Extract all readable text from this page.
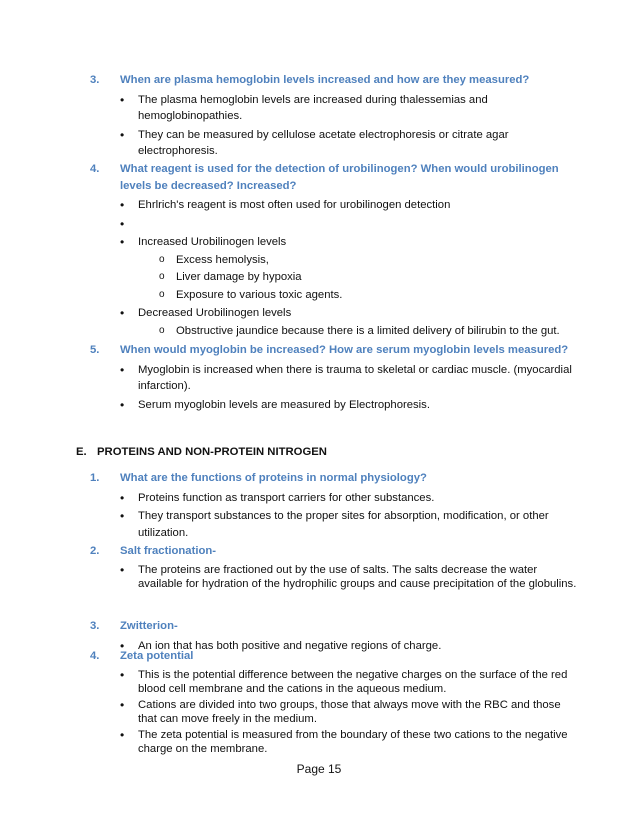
3. When are plasma hemoglobin levels increased and how are they measured?
• The plasma hemoglobin levels are increased during thalessemias and hemoglobinopathies.
• They can be measured by cellulose acetate electrophoresis or citrate agar electrophoresis.
4. What reagent is used for the detection of urobilinogen? When would urobilinogen levels be decreased? Increased?
• Ehrlrich's reagent is most often used for urobilinogen detection
•
• Increased Urobilinogen levels
o Excess hemolysis,
o Liver damage by hypoxia
o Exposure to various toxic agents.
• Decreased Urobilinogen levels
o Obstructive jaundice because there is a limited delivery of bilirubin to the gut.
5. When would myoglobin be increased? How are serum myoglobin levels measured?
• Myoglobin is increased when there is trauma to skeletal or cardiac muscle. (myocardial infarction).
• Serum myoglobin levels are measured by Electrophoresis.
E. PROTEINS AND NON-PROTEIN NITROGEN
1. What are the functions of proteins in normal physiology?
• Proteins function as transport carriers for other substances.
• They transport substances to the proper sites for absorption, modification, or other utilization.
2. Salt fractionation-
• The proteins are fractioned out by the use of salts. The salts decrease the water available for hydration of the hydrophilic groups and cause precipitation of the globulins.
3. Zwitterion-
• An ion that has both positive and negative regions of charge.
4. Zeta potential
• This is the potential difference between the negative charges on the surface of the red blood cell membrane and the cations in the aqueous medium.
• Cations are divided into two groups, those that always move with the RBC and those that can move freely in the medium.
• The zeta potential is measured from the boundary of these two cations to the negative charge on the membrane.
Page 15
